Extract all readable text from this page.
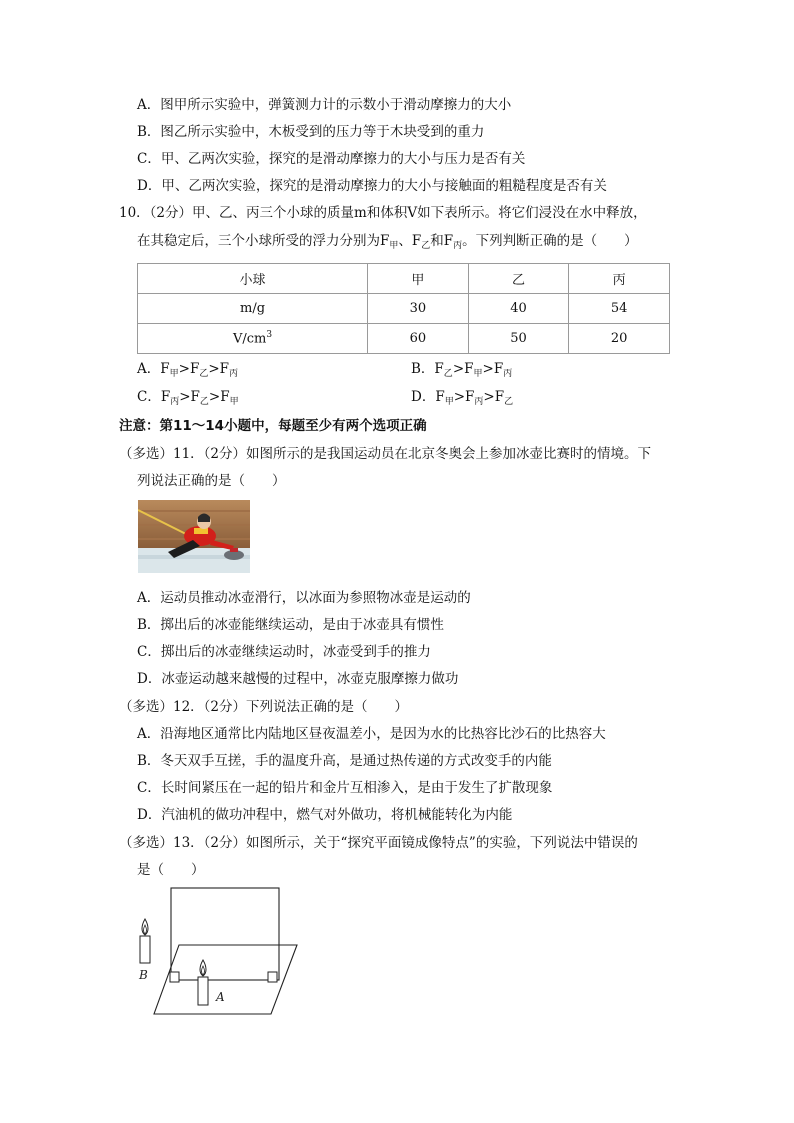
A．图甲所示实验中，弹簧测力计的示数小于滑动摩擦力的大小
B．图乙所示实验中，木板受到的压力等于木块受到的重力
C．甲、乙两次实验，探究的是滑动摩擦力的大小与压力是否有关
D．甲、乙两次实验，探究的是滑动摩擦力的大小与接触面的粗糙程度是否有关
10．（2分）甲、乙、丙三个小球的质量m和体积V如下表所示。将它们浸没在水中释放，
在其稳定后，三个小球所受的浮力分别为$F_甲$、$F_乙$和$F_丙$。下列判断正确的是（　　）
小球	甲	乙	丙
m/g	30	40	54
$V/cm^3$	60	50	20
A．$F_甲>F_乙>F_丙$	B．$F_乙>F_甲>F_丙$
C．$F_丙>F_乙>F_甲$	D．$F_甲>F_丙>F_乙$
注意：第11～14小题中，每题至少有两个选项正确
（多选）11．（2分）如图所示的是我国运动员在北京冬奥会上参加冰壶比赛时的情境。下
列说法正确的是（　　）
A．运动员推动冰壶滑行，以冰面为参照物冰壶是运动的
B．掷出后的冰壶能继续运动，是由于冰壶具有惯性
C．掷出后的冰壶继续运动时，冰壶受到手的推力
D．冰壶运动越来越慢的过程中，冰壶克服摩擦力做功
（多选）12．（2分）下列说法正确的是（　　）
A．沿海地区通常比内陆地区昼夜温差小，是因为水的比热容比沙石的比热容大
B．冬天双手互搓，手的温度升高，是通过热传递的方式改变手的内能
C．长时间紧压在一起的铅片和金片互相渗入，是由于发生了扩散现象
D．汽油机的做功冲程中，燃气对外做功，将机械能转化为内能
（多选）13．（2分）如图所示，关于“探究平面镜成像特点”的实验，下列说法中错误的
是（　　）
B
A
